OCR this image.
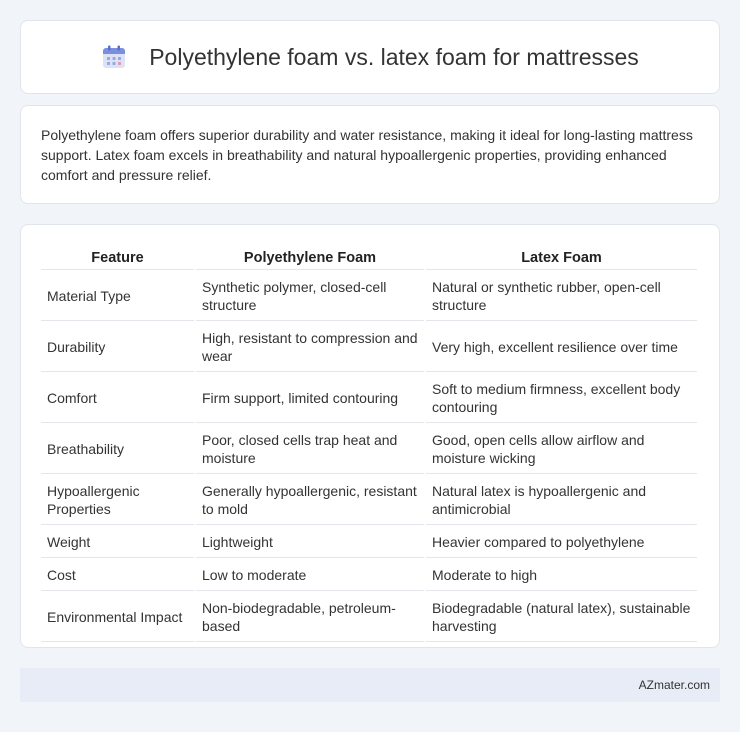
Polyethylene foam vs. latex foam for mattresses

Polyethylene foam offers superior durability and water resistance, making it ideal for long-lasting mattress support. Latex foam excels in breathability and natural hypoallergenic properties, providing enhanced comfort and pressure relief.

Feature	Polyethylene Foam	Latex Foam
Material Type	Synthetic polymer, closed-cell structure	Natural or synthetic rubber, open-cell structure
Durability	High, resistant to compression and wear	Very high, excellent resilience over time
Comfort	Firm support, limited contouring	Soft to medium firmness, excellent body contouring
Breathability	Poor, closed cells trap heat and moisture	Good, open cells allow airflow and moisture wicking
Hypoallergenic Properties	Generally hypoallergenic, resistant to mold	Natural latex is hypoallergenic and antimicrobial
Weight	Lightweight	Heavier compared to polyethylene
Cost	Low to moderate	Moderate to high
Environmental Impact	Non-biodegradable, petroleum-based	Biodegradable (natural latex), sustainable harvesting
AZmater.com
